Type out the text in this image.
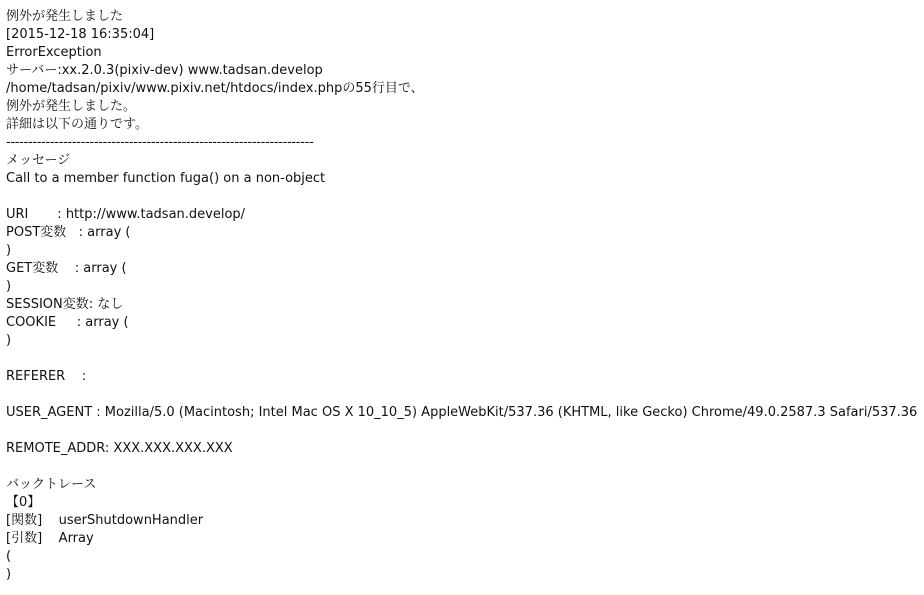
例外が発生しました
[2015-12-18 16:35:04]
ErrorException
サーバー:xx.2.0.3(pixiv-dev) www.tadsan.develop
/home/tadsan/pixiv/www.pixiv.net/htdocs/index.phpの55行目で、
例外が発生しました。
詳細は以下の通りです。
----------------------------------------------------------------------
メッセージ
Call to a member function fuga() on a non-object
URI       : http://www.tadsan.develop/
POST変数   : array (
)
GET変数    : array (
)
SESSION変数: なし
COOKIE     : array (
)
REFERER    :
USER_AGENT : Mozilla/5.0 (Macintosh; Intel Mac OS X 10_10_5) AppleWebKit/537.36 (KHTML, like Gecko) Chrome/49.0.2587.3 Safari/537.36
REMOTE_ADDR: XXX.XXX.XXX.XXX
バックトレース
【0】
[関数]    userShutdownHandler
[引数]    Array
(
)
